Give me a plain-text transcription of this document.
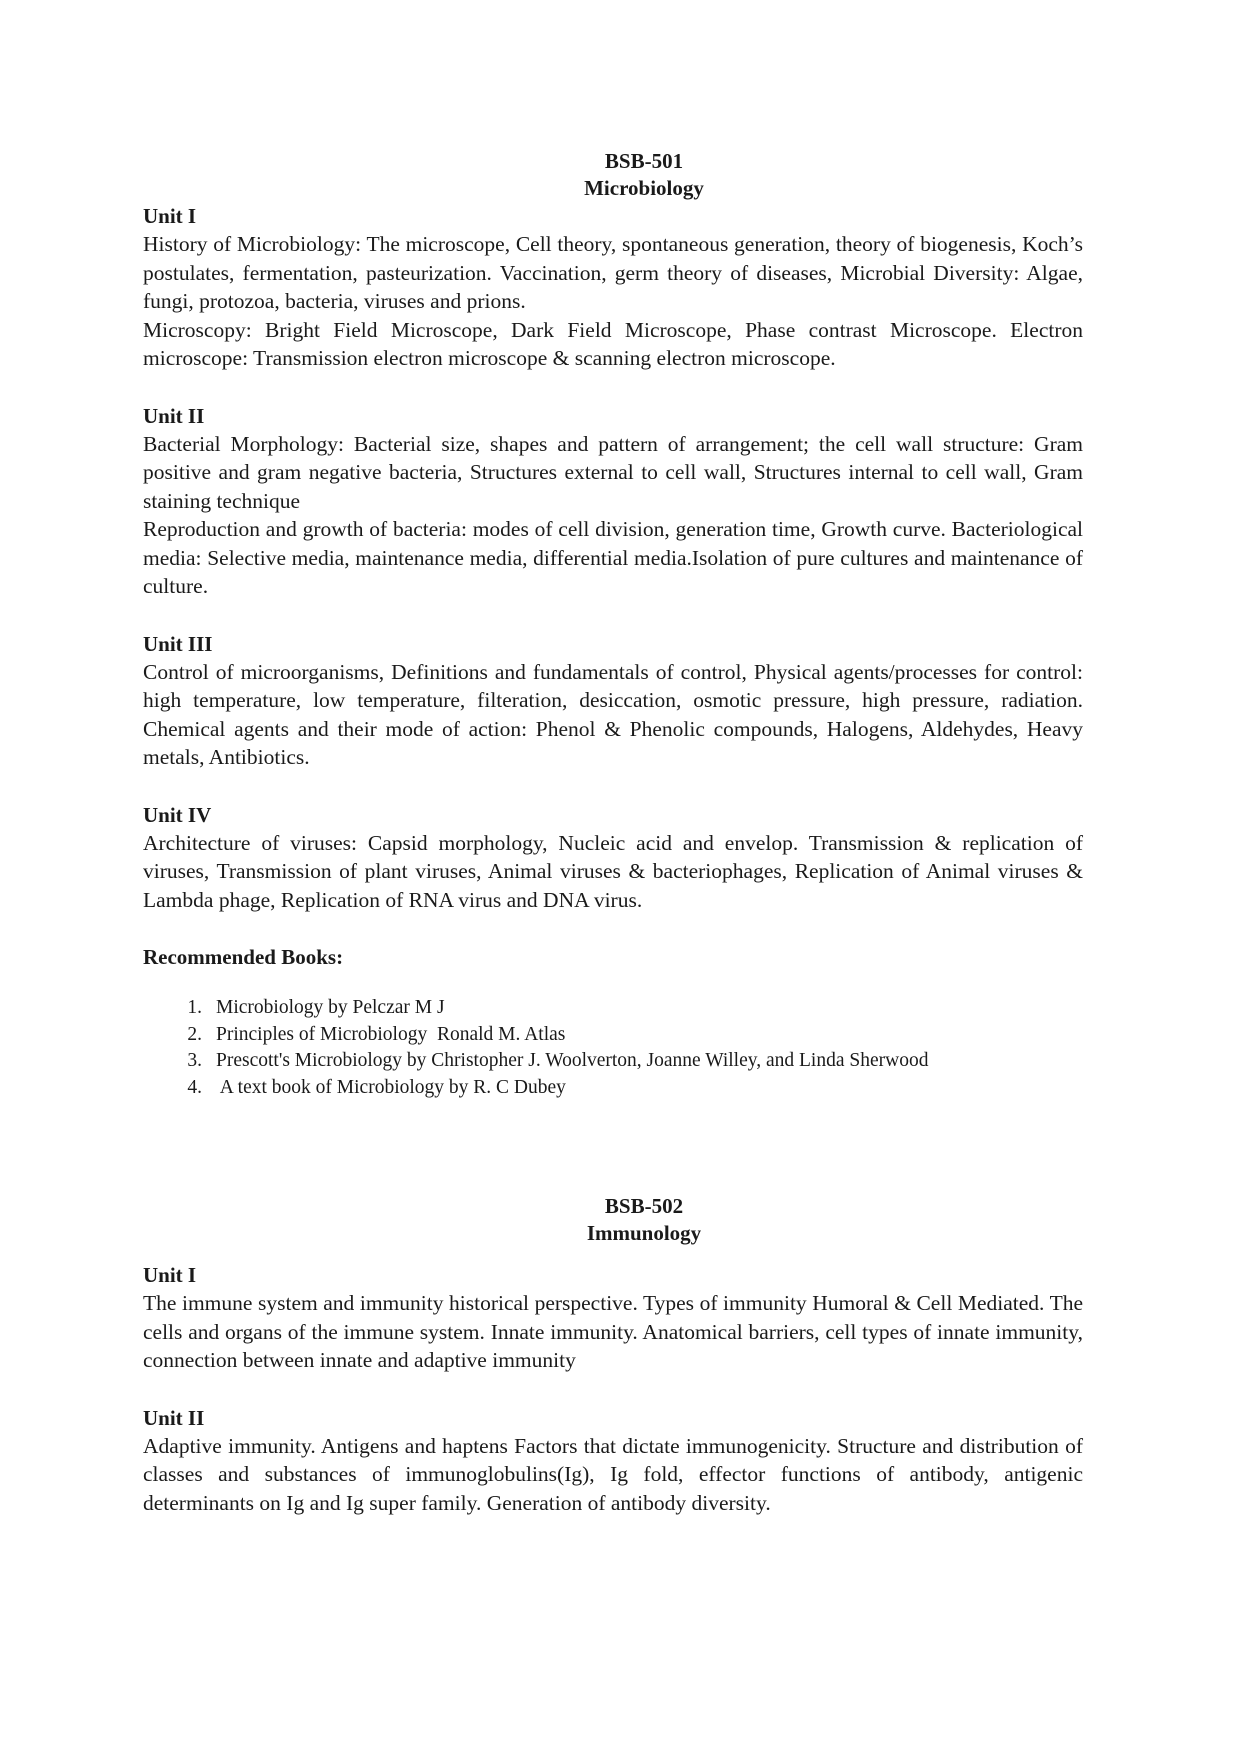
BSB-501

Microbiology

Unit I

History of Microbiology: The microscope, Cell theory, spontaneous generation, theory of biogenesis, Koch’s postulates, fermentation, pasteurization. Vaccination, germ theory of diseases, Microbial Diversity: Algae, fungi, protozoa, bacteria, viruses and prions.

Microscopy: Bright Field Microscope, Dark Field Microscope, Phase contrast Microscope. Electron microscope: Transmission electron microscope & scanning electron microscope.

Unit II

Bacterial Morphology: Bacterial size, shapes and pattern of arrangement; the cell wall structure: Gram positive and gram negative bacteria, Structures external to cell wall, Structures internal to cell wall, Gram staining technique

Reproduction and growth of bacteria: modes of cell division, generation time, Growth curve. Bacteriological media: Selective media, maintenance media, differential media.Isolation of pure cultures and maintenance of culture.

Unit III

Control of microorganisms, Definitions and fundamentals of control, Physical agents/processes for control: high temperature, low temperature, filteration, desiccation, osmotic pressure, high pressure, radiation. Chemical agents and their mode of action: Phenol & Phenolic compounds, Halogens, Aldehydes, Heavy metals, Antibiotics.

Unit IV

Architecture of viruses: Capsid morphology, Nucleic acid and envelop. Transmission & replication of viruses, Transmission of plant viruses, Animal viruses & bacteriophages, Replication of Animal viruses & Lambda phage, Replication of RNA virus and DNA virus.

Recommended Books:

1. Microbiology by Pelczar M J
2. Principles of Microbiology  Ronald M. Atlas
3. Prescott's Microbiology by Christopher J. Woolverton, Joanne Willey, and Linda Sherwood
4. A text book of Microbiology by R. C Dubey

BSB-502

Immunology

Unit I

The immune system and immunity historical perspective. Types of immunity Humoral & Cell Mediated. The cells and organs of the immune system. Innate immunity. Anatomical barriers, cell types of innate immunity, connection between innate and adaptive immunity

Unit II

Adaptive immunity. Antigens and haptens Factors that dictate immunogenicity. Structure and distribution of classes and substances of immunoglobulins(Ig), Ig fold, effector functions of antibody, antigenic determinants on Ig and Ig super family. Generation of antibody diversity.
